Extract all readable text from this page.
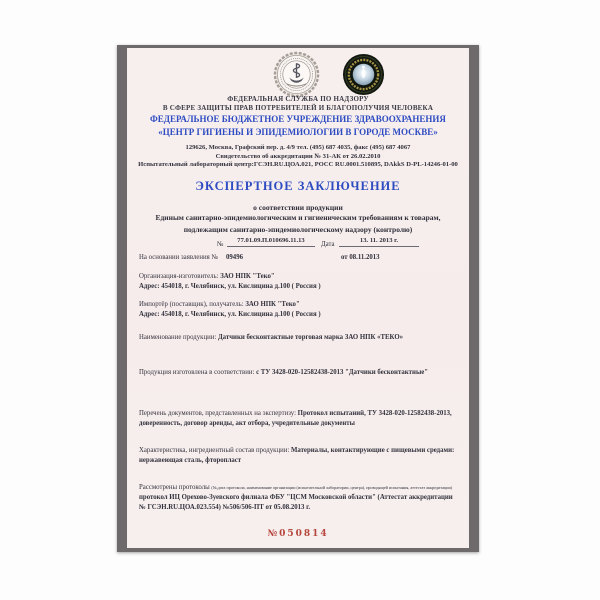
ФЕДЕРАЛЬНАЯ СЛУЖБА ПО НАДЗОРУ
В СФЕРЕ ЗАЩИТЫ ПРАВ ПОТРЕБИТЕЛЕЙ И БЛАГОПОЛУЧИЯ ЧЕЛОВЕКА
ФЕДЕРАЛЬНОЕ БЮДЖЕТНОЕ УЧРЕЖДЕНИЕ ЗДРАВООХРАНЕНИЯ
«ЦЕНТР ГИГИЕНЫ И ЭПИДЕМИОЛОГИИ В ГОРОДЕ МОСКВЕ»
129626, Москва, Графский пер. д. 4/9 тел. (495) 687 4035, факс (495) 687 4067
Свидетельство об аккредитации № 31-АК от 26.02.2010
Испытательный лабораторный центр:ГСЭН.RU.ЦОА.021, РОСС RU.0001.510895, DAkkS D-PL-14246-01-00
ЭКСПЕРТНОЕ ЗАКЛЮЧЕНИЕ
о соответствии продукции
Единым санитарно-эпидемиологическим и гигиеническим требованиям к товарам,
подлежащим санитарно-эпидемиологическому надзору (контролю)
№
77.01.09.П.010696.11.13
Дата
13. 11. 2013 г.
На основании заявления № 09496	от 08.11.2013
Организация-изготовитель: ЗАО НПК "Теко"
Адрес: 454018, г. Челябинск, ул. Кислицина д.100 ( Россия )
Импортёр (поставщик), получатель: ЗАО НПК "Теко"
Адрес: 454018, г. Челябинск, ул. Кислицина д.100 ( Россия )
Наименование продукции: Датчики бесконтактные торговая марка ЗАО НПК «ТЕКО»
Продукция изготовлена в соответствии: с ТУ 3428-020-12582438-2013 "Датчики бесконтактные"
Перечень документов, представленных на экспертизу: Протокол испытаний, ТУ 3428-020-12582438-2013, доверенность, договор аренды, акт отбора, учредительные документы
Характеристика, ингредиентный состав продукции: Материалы, контактирующие с пищевыми средами: нержавеющая сталь, фторопласт
Рассмотрены протоколы (№,дата протокола, наименование организации (испытательной лаборатории, центра), проводящей испытания, аттестат аккредитации) протокол ИЦ Орехово-Зуевского филиала ФБУ "ЦСМ Московской области" (Аттестат аккредитации № ГСЭН.RU.ЦОА.023.554) №506/506-ПТ от 05.08.2013 г.
№050814
